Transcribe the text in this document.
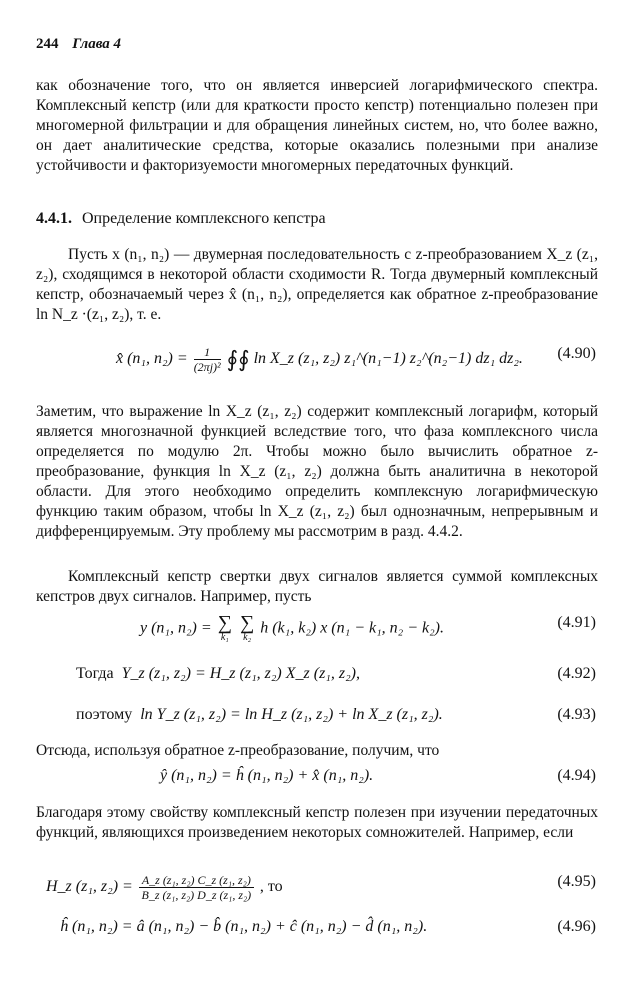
244 Глава 4
как обозначение того, что он является инверсией логарифмического спектра. Комплексный кепстр (или для краткости просто кепстр) потенциально полезен при многомерной фильтрации и для обращения линейных систем, но, что более важно, он дает аналитические средства, которые оказались полезными при анализе устойчивости и факторизуемости многомерных передаточных функций.
4.4.1. Определение комплексного кепстра
Пусть x (n₁, n₂) — двумерная последовательность с z-преобразованием X_z (z₁, z₂), сходящимся в некоторой области сходимости R. Тогда двумерный комплексный кепстр, обозначаемый через x̂ (n₁, n₂), определяется как обратное z-преобразование ln N_z ·(z₁, z₂), т. е.
x̂ (n₁, $n_2) = \frac{1}{\text{(2πj)²}}$ ∮∮ ln X_z (z₁, z₂) z₁^(n₁−1) z₂^(n₂−1) dz₁ dz₂. (4.90)
Заметим, что выражение ln X_z (z₁, z₂) содержит комплексный логарифм, который является многозначной функцией вследствие того, что фаза комплексного числа определяется по модулю 2π. Чтобы можно было вычислить обратное z-преобразование, функция ln X_z (z₁, z₂) должна быть аналитична в некоторой области. Для этого необходимо определить комплексную логарифмическую функцию таким образом, чтобы ln X_z (z₁, z₂) был однозначным, непрерывным и дифференцируемым. Эту проблему мы рассмотрим в разд. 4.4.2.
Комплексный кепстр свертки двух сигналов является суммой комплексных кепстров двух сигналов. Например, пусть
y (n₁, n₂) = ∑
k₁

∑
k₂
h (k₁, k₂) x (n₁ − k₁, n₂ − k₂).	(4.91)
Тогда Y_z (z₁, z₂) = H_z (z₁, z₂) X_z (z₁, z₂),	(4.92)
поэтому ln Y_z (z₁, z₂) = ln H_z (z₁, z₂) + ln X_z (z₁, z₂).	(4.93)
Отсюда, используя обратное z-преобразование, получим, что
ŷ (n₁, n₂) = ĥ (n₁, n₂) + x̂ (n₁, n₂).	(4.94)
Благодаря этому свойству комплексный кепстр полезен при изучении передаточных функций, являющихся произведением некоторых сомножителей. Например, если
H_z (z₁, $z_2) = \frac{\text{A\_z (z₁, z₂) C\_z (z₁, z₂)}}{\text{B\_z (z₁, z₂) D\_z (z₁, z₂)}}$ , то	(4.95)
ĥ (n₁, n₂) = â (n₁, n₂) − b̂ (n₁, n₂) + ĉ (n₁, n₂) − d̂ (n₁, n₂).	(4.96)
